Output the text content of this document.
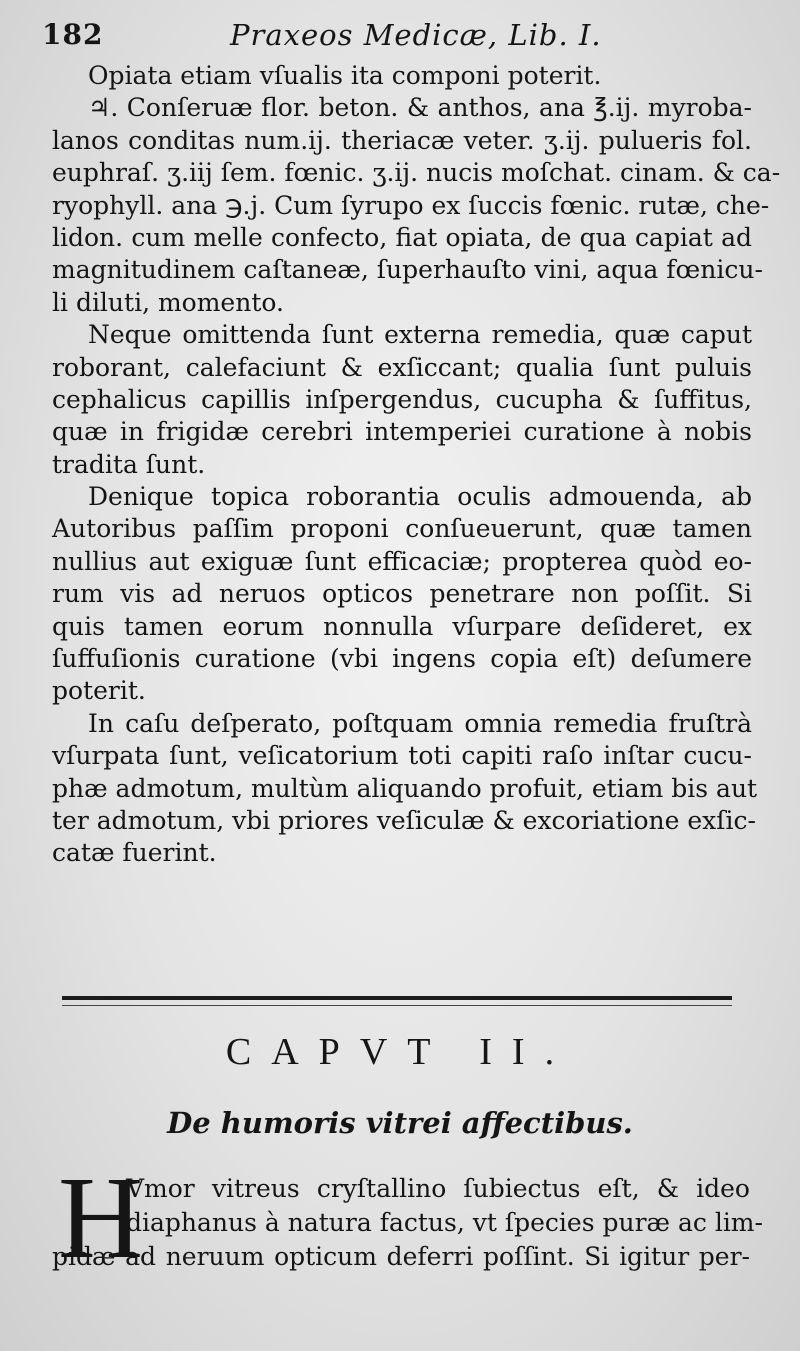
182	Praxeos Medicæ, Lib. I.
Opiata etiam vſualis ita componi poterit.
♃. Conſeruæ flor. beton. & anthos, ana ℥.ij. myroba-
lanos conditas num.ij. theriacæ veter. ʒ.ij. pulueris fol.
euphraſ. ʒ.iij ſem. fœnic. ʒ.ij. nucis moſchat. cinam. & ca-
ryophyll. ana ℈.j. Cum ſyrupo ex ſuccis fœnic. rutæ, che-
lidon. cum melle confecto, fiat opiata, de qua capiat ad
magnitudinem caſtaneæ, ſuperhauſto vini, aqua fœnicu-
li diluti, momento.
Neque omittenda ſunt externa remedia, quæ caput
roborant, calefaciunt & exſiccant; qualia ſunt puluis
cephalicus capillis inſpergendus, cucupha & ſuffitus,
quæ in frigidæ cerebri intemperiei curatione à nobis
tradita ſunt.
Denique topica roborantia oculis admouenda, ab
Autoribus paſſim proponi conſueuerunt, quæ tamen
nullius aut exiguæ ſunt efficaciæ; propterea quòd eo-
rum vis ad neruos opticos penetrare non poſſit. Si
quis tamen eorum nonnulla vſurpare deſideret, ex
ſuffuſionis curatione (vbi ingens copia eſt) deſumere
poterit.
In caſu deſperato, poſtquam omnia remedia fruſtrà
vſurpata ſunt, veſicatorium toti capiti raſo inſtar cucu-
phæ admotum, multùm aliquando profuit, etiam bis aut
ter admotum, vbi priores veſiculæ & excoriatione exſic-
catæ fuerint.
CAPVT II.
De humoris vitrei affectibus.
H
Vmor vitreus cryſtallino ſubiectus eſt, & ideo
diaphanus à natura factus, vt ſpecies puræ ac lim-
pidæ ad neruum opticum deferri poſſint. Si igitur per-
